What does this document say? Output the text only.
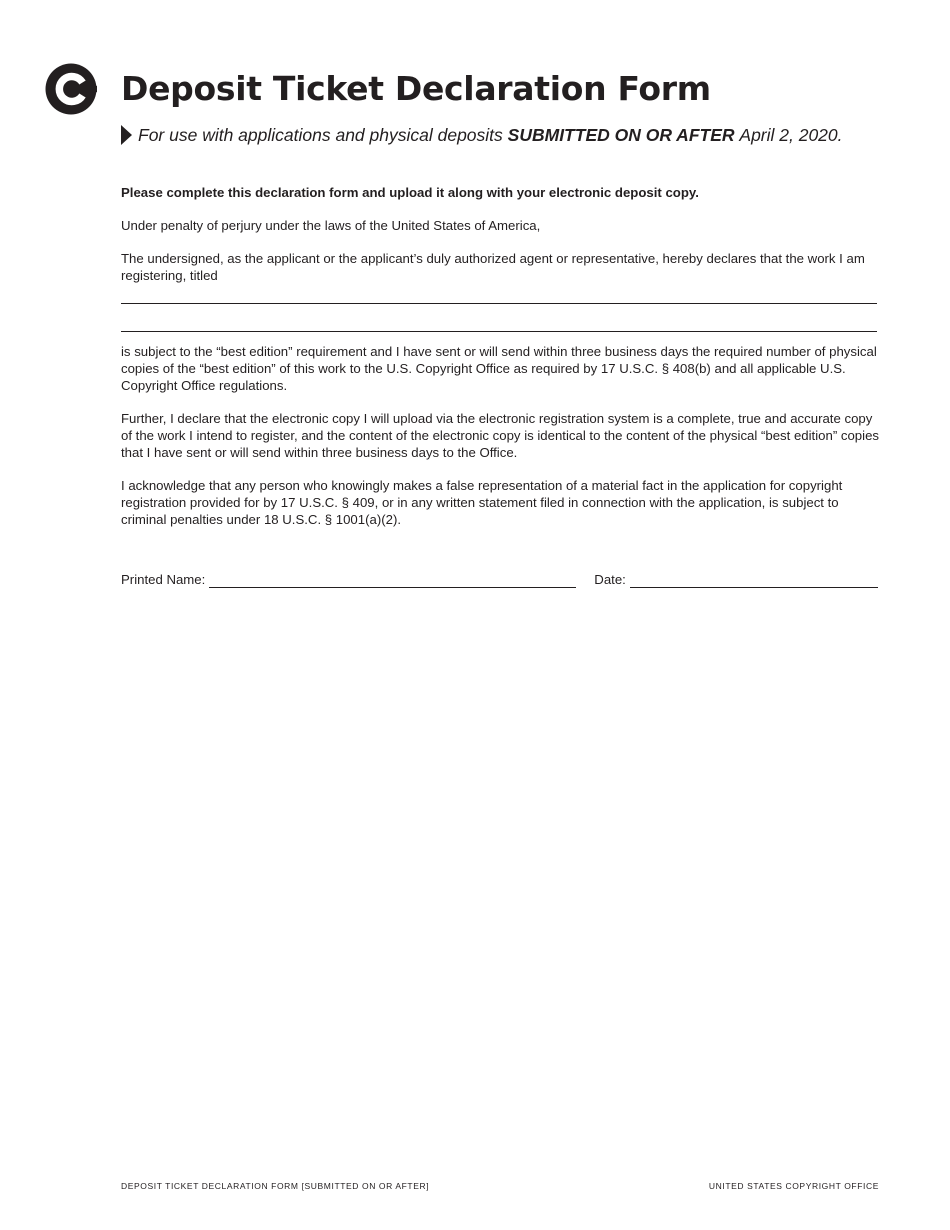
Deposit Ticket Declaration Form
For use with applications and physical deposits
SUBMITTED ON OR AFTER
April 2, 2020.

Please complete this declaration form and upload it along with your electronic deposit copy.

Under penalty of perjury under the laws of the United States of America,

The undersigned, as the applicant or the applicant’s duly authorized agent or representative, hereby declares that the work I am registering, titled

is subject to the “best edition” requirement and I have sent or will send within three business days the required number of physical copies of the “best edition” of this work to the U.S. Copyright Office as required by 17 U.S.C. § 408(b) and all applicable U.S. Copyright Office regulations.

Further, I declare that the electronic copy I will upload via the electronic registration system is a complete, true and accurate copy of the work I intend to register, and the content of the electronic copy is identical to the content of the physical “best edition” copies that I have sent or will send within three business days to the Office.

I acknowledge that any person who knowingly makes a false representation of a material fact in the application for copyright registration provided for by 17 U.S.C. § 409, or in any written statement filed in connection with the application, is subject to criminal penalties under 18 U.S.C. § 1001(a)(2).

Printed Name:	Date:
DEPOSIT TICKET DECLARATION FORM [SUBMITTED ON OR AFTER]	UNITED STATES COPYRIGHT OFFICE
